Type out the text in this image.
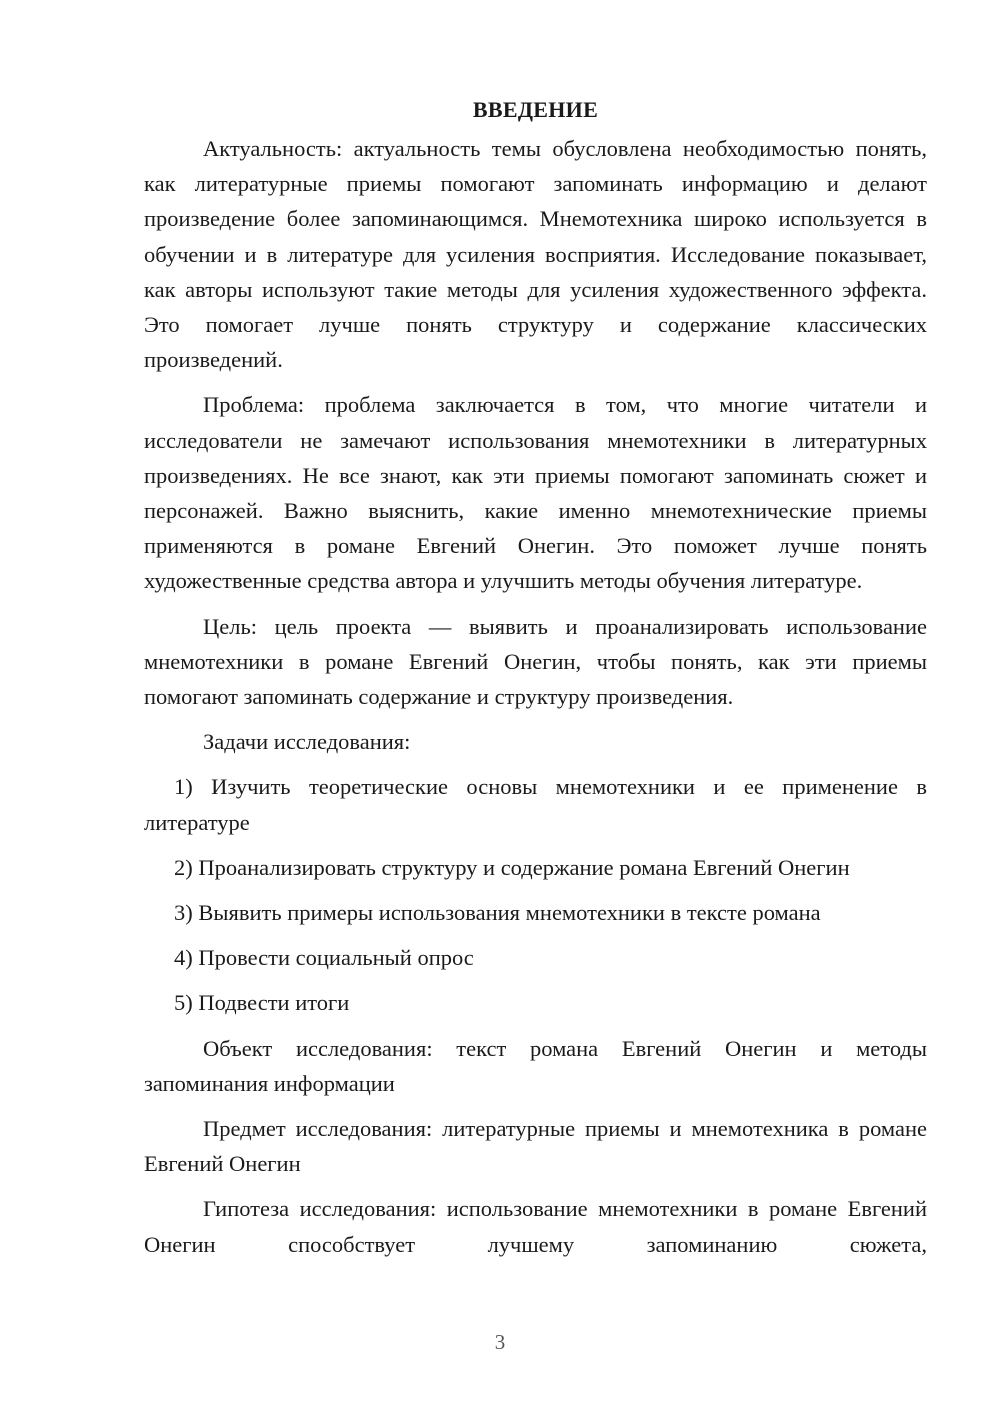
ВВЕДЕНИЕ

Актуальность: актуальность темы обусловлена необходимостью понять, как литературные приемы помогают запоминать информацию и делают произведение более запоминающимся. Мнемотехника широко используется в обучении и в литературе для усиления восприятия. Исследование показывает, как авторы используют такие методы для усиления художественного эффекта. Это помогает лучше понять структуру и содержание классических произведений.

Проблема: проблема заключается в том, что многие читатели и исследователи не замечают использования мнемотехники в литературных произведениях. Не все знают, как эти приемы помогают запоминать сюжет и персонажей. Важно выяснить, какие именно мнемотехнические приемы применяются в романе Евгений Онегин. Это поможет лучше понять художественные средства автора и улучшить методы обучения литературе.

Цель: цель проекта — выявить и проанализировать использование мнемотехники в романе Евгений Онегин, чтобы понять, как эти приемы помогают запоминать содержание и структуру произведения.

Задачи исследования:

1) Изучить теоретические основы мнемотехники и ее применение в литературе

2) Проанализировать структуру и содержание романа Евгений Онегин

3) Выявить примеры использования мнемотехники в тексте романа

4) Провести социальный опрос

5) Подвести итоги

Объект исследования: текст романа Евгений Онегин и методы запоминания информации

Предмет исследования: литературные приемы и мнемотехника в романе Евгений Онегин

Гипотеза исследования: использование мнемотехники в романе Евгений Онегин способствует лучшему запоминанию сюжета,

3
